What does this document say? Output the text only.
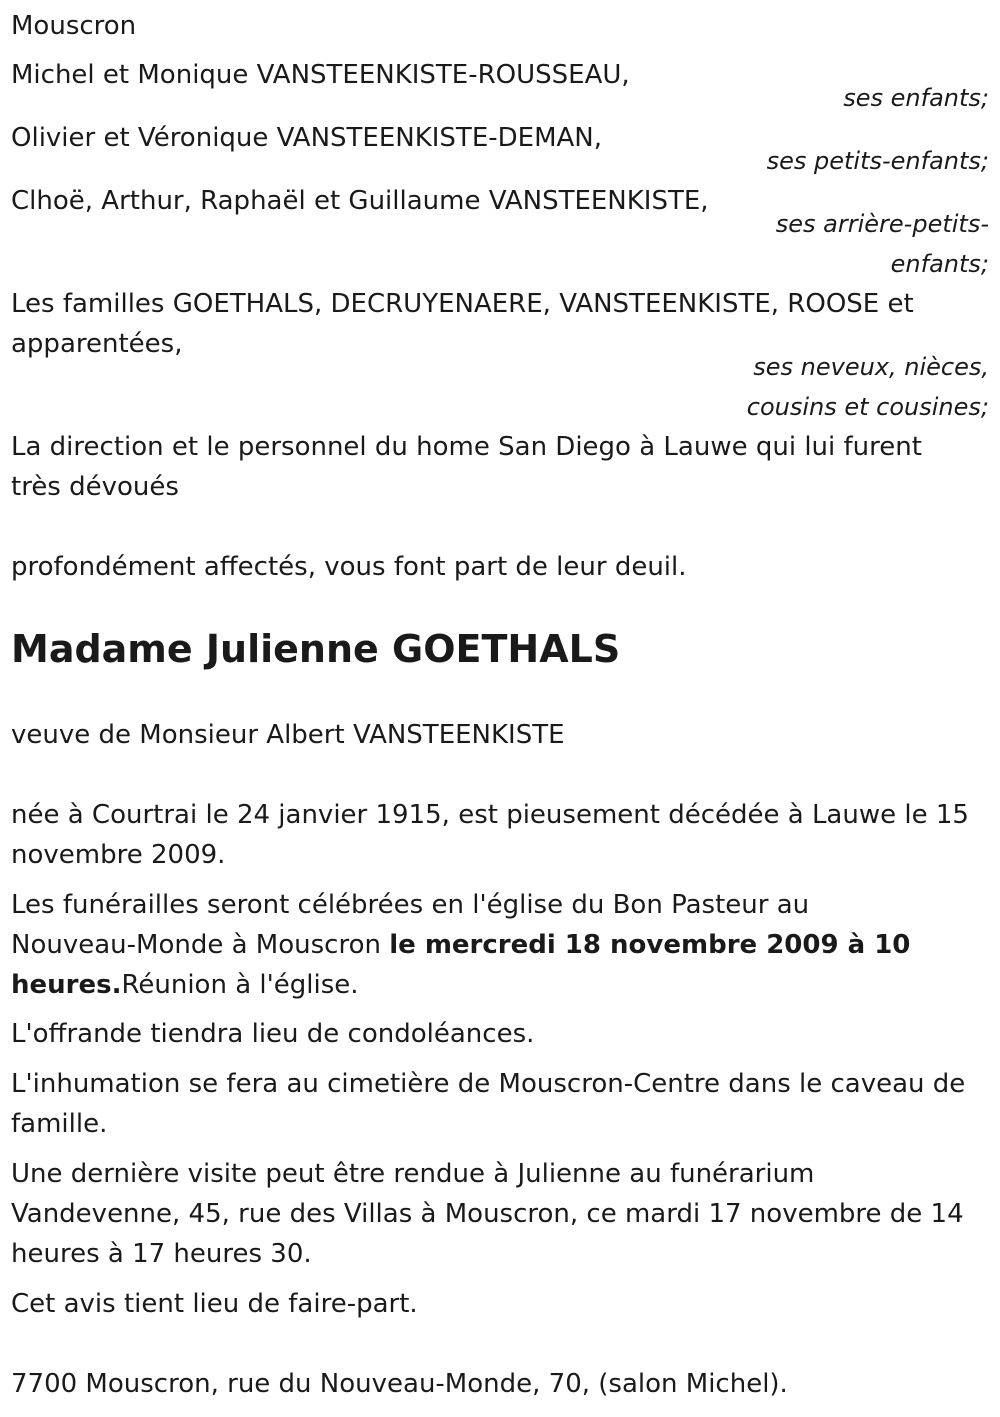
Mouscron

Michel et Monique VANSTEENKISTE-ROUSSEAU,

ses enfants;

Olivier et Véronique VANSTEENKISTE-DEMAN,

ses petits-enfants;

Clhoë, Arthur, Raphaël et Guillaume VANSTEENKISTE,

ses arrière-petits-

enfants;

Les familles GOETHALS, DECRUYENAERE, VANSTEENKISTE, ROOSE et

apparentées,

ses neveux, nièces,

cousins et cousines;

La direction et le personnel du home San Diego à Lauwe qui lui furent

très dévoués

profondément affectés, vous font part de leur deuil.

Madame Julienne GOETHALS

veuve de Monsieur Albert VANSTEENKISTE

née à Courtrai le 24 janvier 1915, est pieusement décédée à Lauwe le 15

novembre 2009.

Les funérailles seront célébrées en l'église du Bon Pasteur au

Nouveau-Monde à Mouscron le mercredi 18 novembre 2009 à 10

heures.Réunion à l'église.

L'offrande tiendra lieu de condoléances.

L'inhumation se fera au cimetière de Mouscron-Centre dans le caveau de

famille.

Une dernière visite peut être rendue à Julienne au funérarium

Vandevenne, 45, rue des Villas à Mouscron, ce mardi 17 novembre de 14

heures à 17 heures 30.

Cet avis tient lieu de faire-part.

7700 Mouscron, rue du Nouveau-Monde, 70, (salon Michel).
